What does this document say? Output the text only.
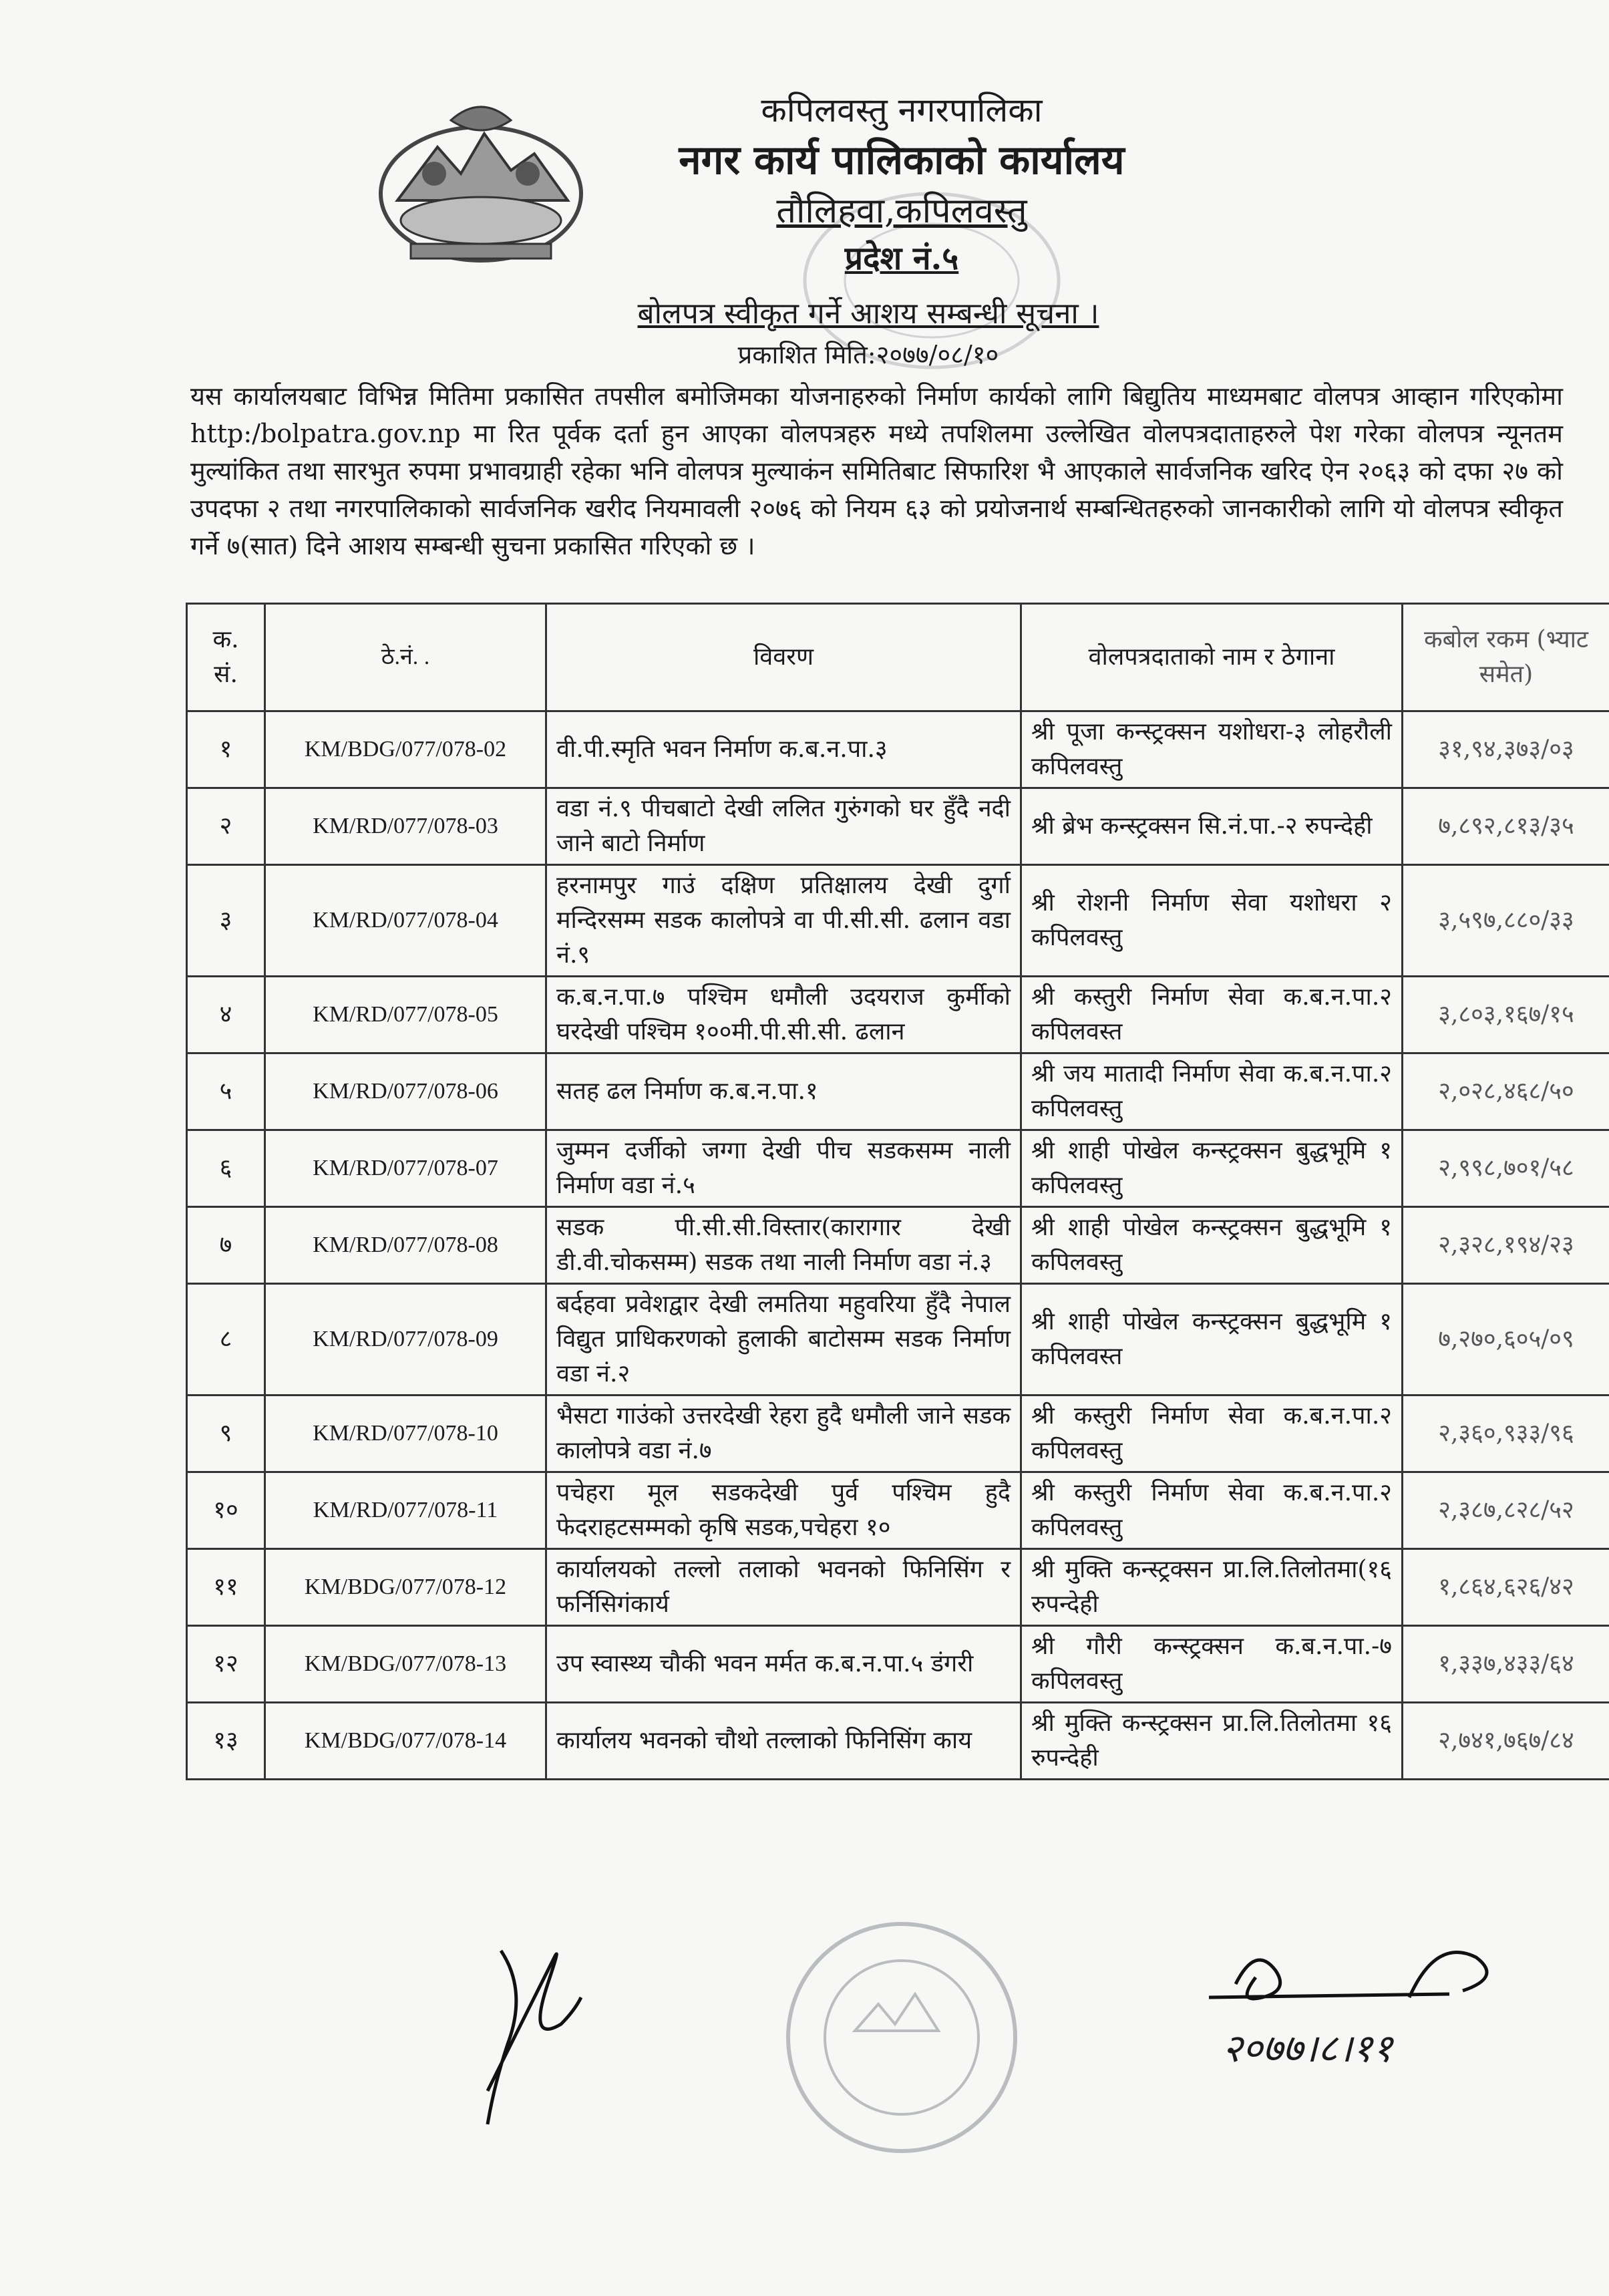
कपिलवस्तु नगरपालिका
नगर कार्य पालिकाको कार्यालय
तौलिहवा,कपिलवस्तु
प्रदेश नं.५
बोलपत्र स्वीकृत गर्ने आशय सम्बन्धी सूचना ।
प्रकाशित मिति:२०७७/०८/१०
यस कार्यालयबाट विभिन्न मितिमा प्रकासित तपसील बमोजिमका योजनाहरुको निर्माण कार्यको लागि बिद्युतिय माध्यमबाट वोलपत्र आव्हान गरिएकोमा http:/bolpatra.gov.np मा रित पूर्वक दर्ता हुन आएका वोलपत्रहरु मध्ये तपशिलमा उल्लेखित वोलपत्रदाताहरुले पेश गरेका वोलपत्र न्यूनतम मुल्यांकित तथा सारभुत रुपमा प्रभावग्राही रहेका भनि वोलपत्र मुल्याकंन समितिबाट सिफारिश भै आएकाले सार्वजनिक खरिद ऐन २०६३ को दफा २७ को उपदफा २ तथा नगरपालिकाको सार्वजनिक खरीद नियमावली २०७६ को नियम ६३ को प्रयोजनार्थ सम्बन्धितहरुको जानकारीको लागि यो वोलपत्र स्वीकृत गर्ने ७(सात) दिने आशय सम्बन्धी सुचना प्रकासित गरिएको छ ।
क. सं.	ठे.नं. .	विवरण	वोलपत्रदाताको नाम र ठेगाना	कबोल रकम (भ्याट समेत)
१	KM/BDG/077/078-02	वी.पी.स्मृति भवन निर्माण क.ब.न.पा.३	श्री पूजा कन्स्ट्रक्सन यशोधरा-३ लोहरौली कपिलवस्तु	३१,९४,३७३/०३
२	KM/RD/077/078-03	वडा नं.९ पीचबाटो देखी ललित गुरुंगको घर हुँदै नदी जाने बाटो निर्माण	श्री ब्रेभ कन्स्ट्रक्सन सि.नं.पा.-२ रुपन्देही	७,८९२,८१३/३५
३	KM/RD/077/078-04	हरनामपुर गाउं दक्षिण प्रतिक्षालय देखी दुर्गा मन्दिरसम्म सडक कालोपत्रे वा पी.सी.सी. ढलान वडा नं.९	श्री रोशनी निर्माण सेवा यशोधरा २ कपिलवस्तु	३,५९७,८८०/३३
४	KM/RD/077/078-05	क.ब.न.पा.७ पश्चिम धमौली उदयराज कुर्मीको घरदेखी पश्चिम १००मी.पी.सी.सी. ढलान	श्री कस्तुरी निर्माण सेवा क.ब.न.पा.२ कपिलवस्त	३,८०३,१६७/१५
५	KM/RD/077/078-06	सतह ढल निर्माण क.ब.न.पा.१	श्री जय मातादी निर्माण सेवा क.ब.न.पा.२ कपिलवस्तु	२,०२८,४६८/५०
६	KM/RD/077/078-07	जुम्मन दर्जीको जग्गा देखी पीच सडकसम्म नाली निर्माण वडा नं.५	श्री शाही पोखेल कन्स्ट्रक्सन बुद्धभूमि १ कपिलवस्तु	२,९९८,७०१/५८
७	KM/RD/077/078-08	सडक पी.सी.सी.विस्तार(कारागार देखी डी.वी.चोकसम्म) सडक तथा नाली निर्माण वडा नं.३	श्री शाही पोखेल कन्स्ट्रक्सन बुद्धभूमि १ कपिलवस्तु	२,३२८,१९४/२३
८	KM/RD/077/078-09	बर्दहवा प्रवेशद्वार देखी लमतिया महुवरिया हुँदै नेपाल विद्युत प्राधिकरणको हुलाकी बाटोसम्म सडक निर्माण वडा नं.२	श्री शाही पोखेल कन्स्ट्रक्सन बुद्धभूमि १ कपिलवस्त	७,२७०,६०५/०९
९	KM/RD/077/078-10	भैसटा गाउंको उत्तरदेखी रेहरा हुदै धमौली जाने सडक कालोपत्रे वडा नं.७	श्री कस्तुरी निर्माण सेवा क.ब.न.पा.२ कपिलवस्तु	२,३६०,९३३/९६
१०	KM/RD/077/078-11	पचेहरा मूल सडकदेखी पुर्व पश्चिम हुदै फेदराहटसम्मको कृषि सडक,पचेहरा १०	श्री कस्तुरी निर्माण सेवा क.ब.न.पा.२ कपिलवस्तु	२,३८७,८२८/५२
११	KM/BDG/077/078-12	कार्यालयको तल्लो तलाको भवनको फिनिसिंग र फर्निसिगंकार्य	श्री मुक्ति कन्स्ट्रक्सन प्रा.लि.तिलोतमा(१६ रुपन्देही	१,८६४,६२६/४२
१२	KM/BDG/077/078-13	उप स्वास्थ्य चौकी भवन मर्मत क.ब.न.पा.५ डंगरी	श्री गौरी कन्स्ट्रक्सन क.ब.न.पा.-७ कपिलवस्तु	१,३३७,४३३/६४
१३	KM/BDG/077/078-14	कार्यालय भवनको चौथो तल्लाको फिनिसिंग काय	श्री मुक्ति कन्स्ट्रक्सन प्रा.लि.तिलोतमा १६ रुपन्देही	२,७४१,७६७/८४
२०७७।८।११
